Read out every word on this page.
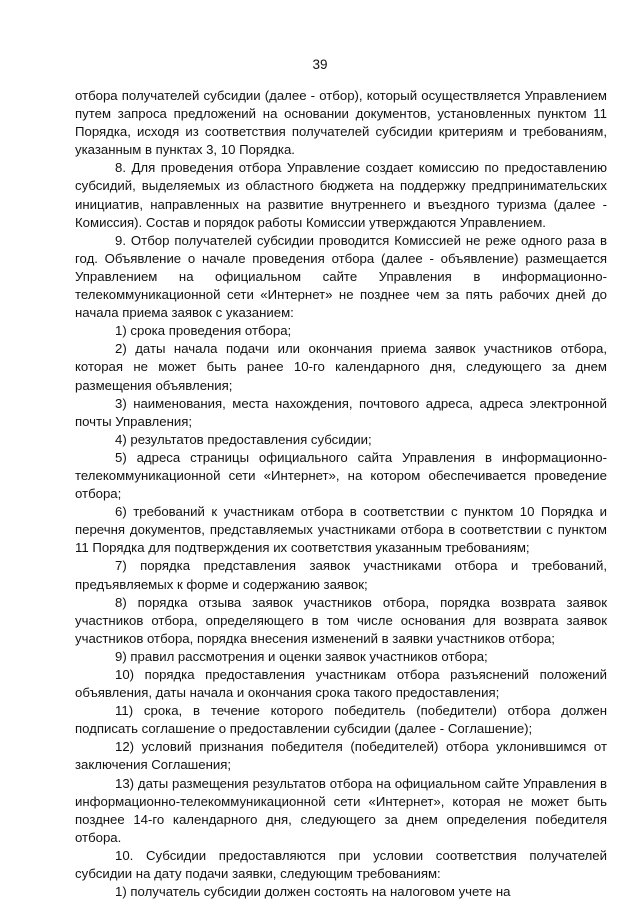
39

отбора получателей субсидии (далее - отбор), который осуществляется Управлением путем запроса предложений на основании документов, установленных пунктом 11 Порядка, исходя из соответствия получателей субсидии критериям и требованиям, указанным в пунктах 3, 10 Порядка.

8. Для проведения отбора Управление создает комиссию по предоставлению субсидий, выделяемых из областного бюджета на поддержку предпринимательских инициатив, направленных на развитие внутреннего и въездного туризма (далее - Комиссия). Состав и порядок работы Комиссии утверждаются Управлением.

9. Отбор получателей субсидии проводится Комиссией не реже одного раза в год. Объявление о начале проведения отбора (далее - объявление) размещается Управлением на официальном сайте Управления в информационно-телекоммуникационной сети «Интернет» не позднее чем за пять рабочих дней до начала приема заявок с указанием:

1) срока проведения отбора;

2) даты начала подачи или окончания приема заявок участников отбора, которая не может быть ранее 10-го календарного дня, следующего за днем размещения объявления;

3) наименования, места нахождения, почтового адреса, адреса электронной почты Управления;

4) результатов предоставления субсидии;

5) адреса страницы официального сайта Управления в информационно-телекоммуникационной сети «Интернет», на котором обеспечивается проведение отбора;

6) требований к участникам отбора в соответствии с пунктом 10 Порядка и перечня документов, представляемых участниками отбора в соответствии с пунктом 11 Порядка для подтверждения их соответствия указанным требованиям;

7) порядка представления заявок участниками отбора и требований, предъявляемых к форме и содержанию заявок;

8) порядка отзыва заявок участников отбора, порядка возврата заявок участников отбора, определяющего в том числе основания для возврата заявок участников отбора, порядка внесения изменений в заявки участников отбора;

9) правил рассмотрения и оценки заявок участников отбора;

10) порядка предоставления участникам отбора разъяснений положений объявления, даты начала и окончания срока такого предоставления;

11) срока, в течение которого победитель (победители) отбора должен подписать соглашение о предоставлении субсидии (далее - Соглашение);

12) условий признания победителя (победителей) отбора уклонившимся от заключения Соглашения;

13) даты размещения результатов отбора на официальном сайте Управления в информационно-телекоммуникационной сети «Интернет», которая не может быть позднее 14-го календарного дня, следующего за днем определения победителя отбора.

10. Субсидии предоставляются при условии соответствия получателей субсидии на дату подачи заявки, следующим требованиям:

1) получатель субсидии должен состоять на налоговом учете на
